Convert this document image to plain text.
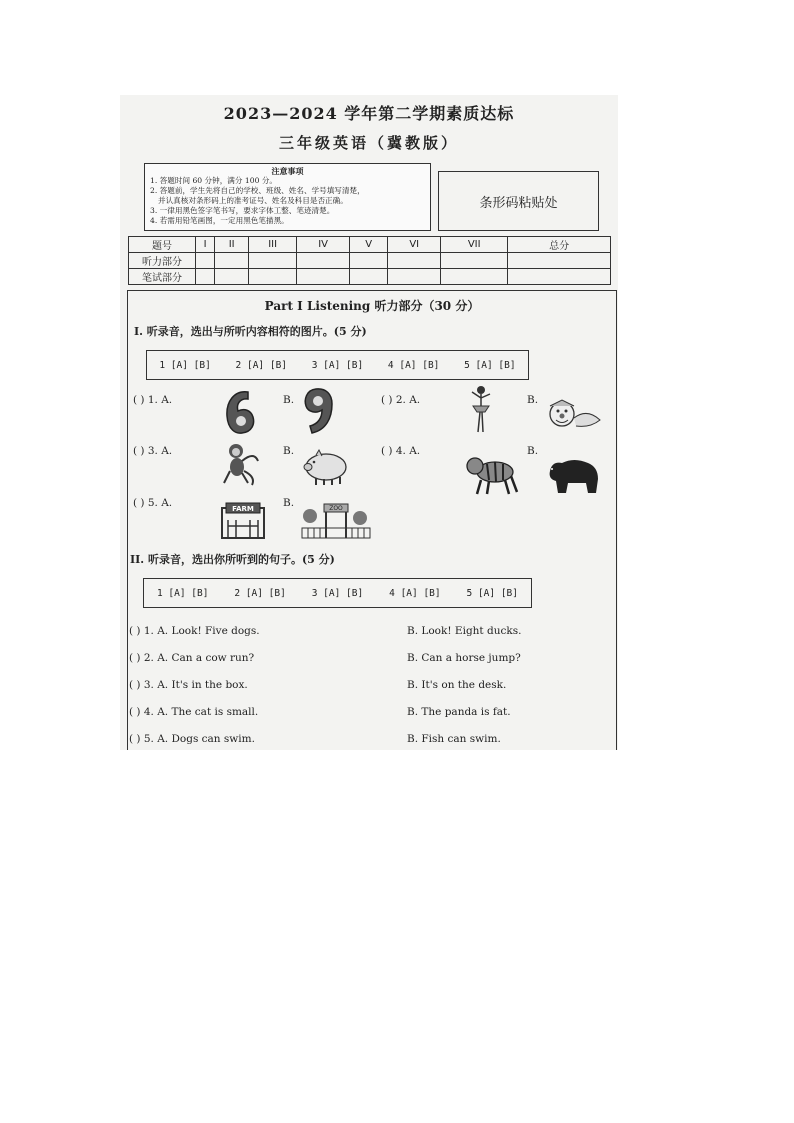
2023—2024 学年第二学期素质达标
三年级英语（冀教版）
注意事项
1. 答题时间 60 分钟，满分 100 分。
2. 答题前，学生先将自己的学校、班级、姓名、学号填写清楚，
并认真核对条形码上的准考证号、姓名及科目是否正确。
3. 一律用黑色签字笔书写，要求字体工整、笔迹清楚。
4. 若需用铅笔画图，一定用黑色笔描黑。
条形码粘贴处
题号	I	II	III	IV	V	VI	VII	总分
听力部分								
笔试部分								
Part I Listening 听力部分（30 分）
I. 听录音，选出与所听内容相符的图片。(5 分)
1 [A] [B]	2 [A] [B]	3 [A] [B]	4 [A] [B]	5 [A] [B]
( ) 1. A.	B.	( ) 2. A.	B.
( ) 3. A.	B.	( ) 4. A.	B.
( ) 5. A.	FARM	B.	ZOO
II. 听录音，选出你所听到的句子。(5 分)
1 [A] [B]	2 [A] [B]	3 [A] [B]	4 [A] [B]	5 [A] [B]
( ) 1. A. Look! Five dogs.	B. Look! Eight ducks.
( ) 2. A. Can a cow run?	B. Can a horse jump?
( ) 3. A. It's in the box.	B. It's on the desk.
( ) 4. A. The cat is small.	B. The panda is fat.
( ) 5. A. Dogs can swim.	B. Fish can swim.
